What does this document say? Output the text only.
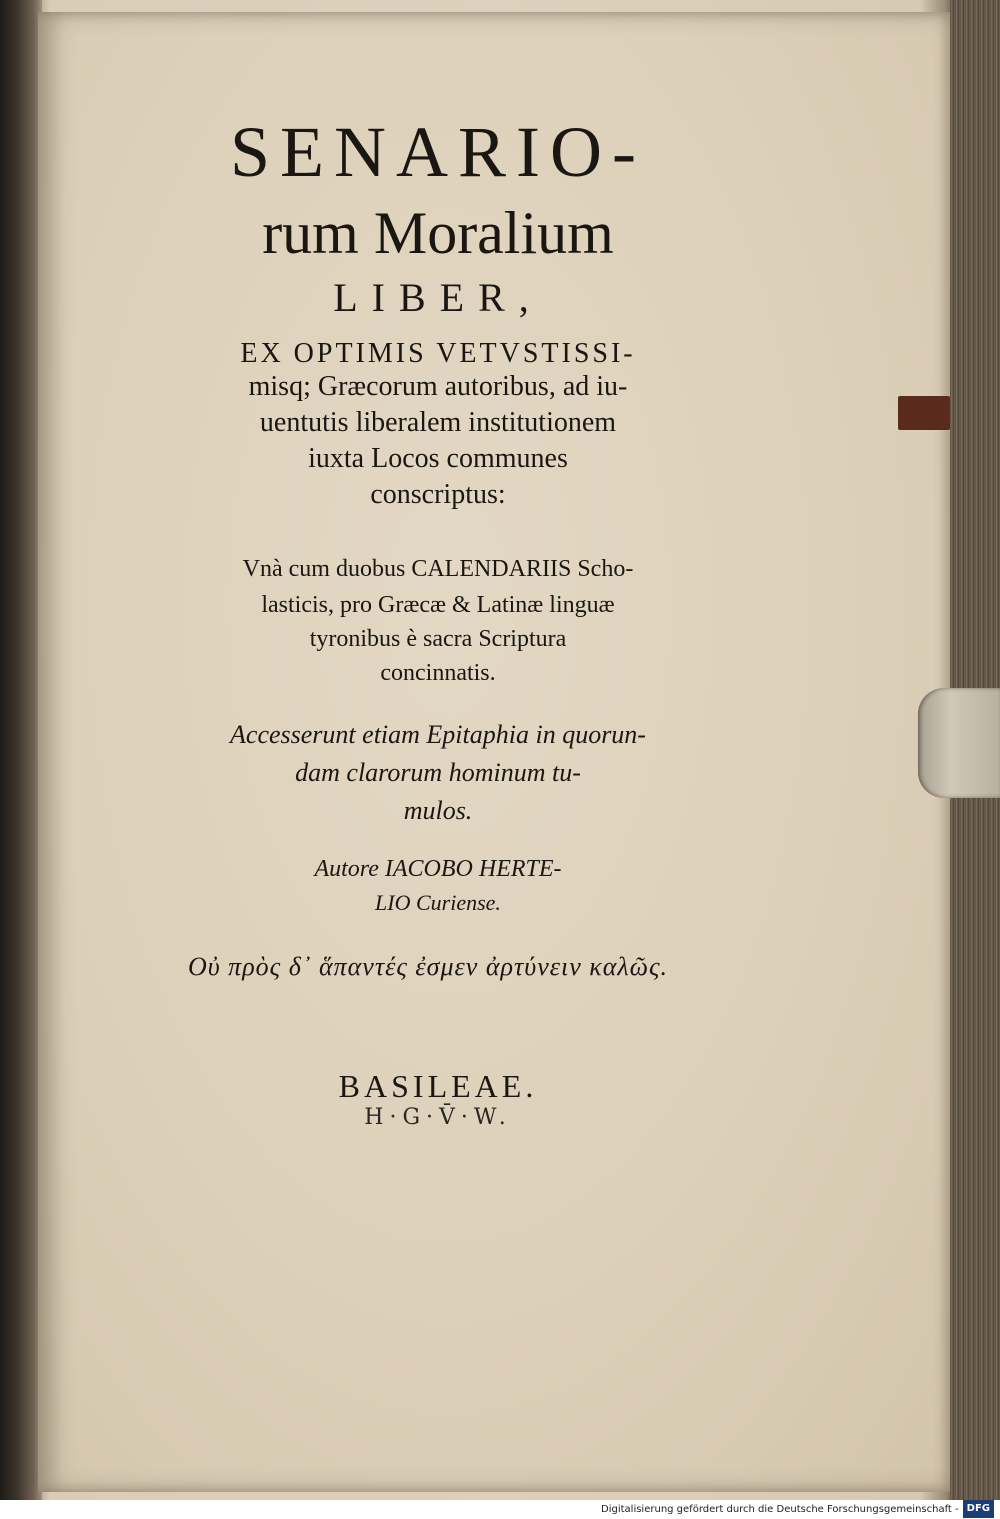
SENARIO-
rum Moralium
LIBER,
EX OPTIMIS VETVSTISSI-
misq; Græcorum autoribus, ad iu-
uentutis liberalem institutionem
iuxta Locos communes
conscriptus:
Vnà cum duobus CALENDARIIS Scho-
lasticis, pro Græcæ & Latinæ linguæ
tyronibus è sacra Scriptura
concinnatis.
Accesserunt etiam Epitaphia in quorun-
dam clarorum hominum tu-
mulos.
Autore IACOBO HERTE-
LIO Curiense.
Οὐ πρὸς δ᾽ ἅπαντές ἐσμεν ἀρτύνειν καλῶς.
BASILEAE.
H·G·V̄·W.
Digitalisierung gefördert durch die Deutsche Forschungsgemeinschaft - DFG
